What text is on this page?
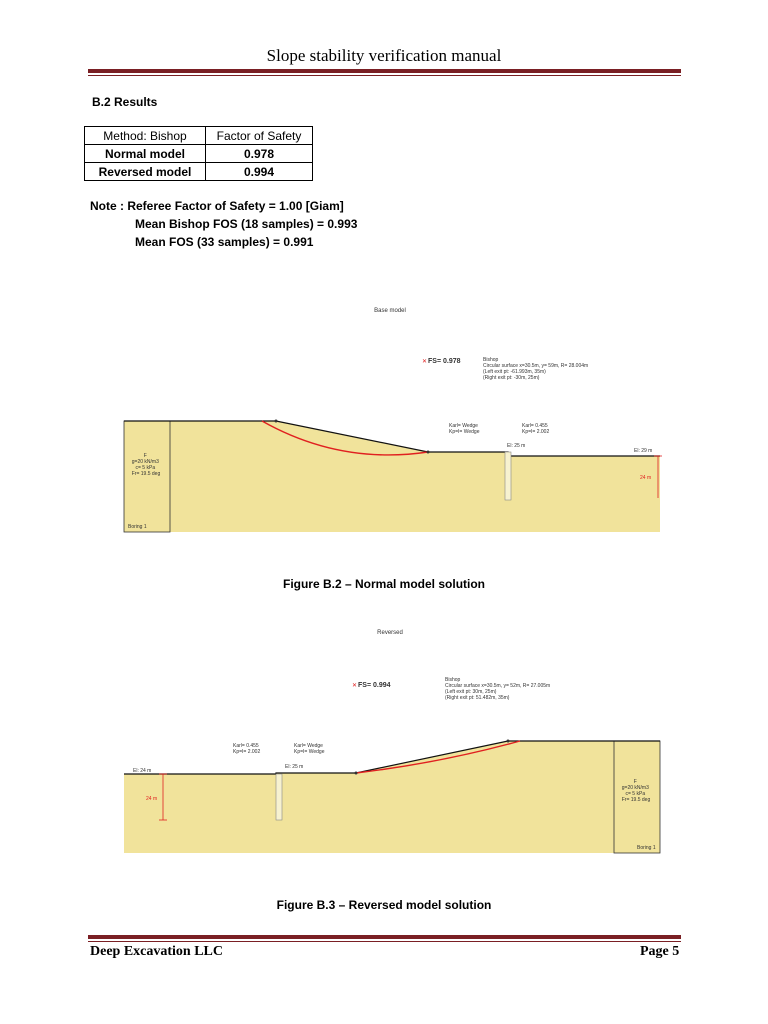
Slope stability verification manual
B.2 Results
Method: Bishop	Factor of Safety
Normal model	0.978
Reversed model	0.994
Note : Referee Factor of Safety = 1.00 [Giam]
Mean Bishop FOS (18 samples) = 0.993
Mean FOS (33 samples) = 0.991
Base model
✕ FS= 0.978	Bishop Circular surface x=30.5m, y= 59m, R= 28.004m (Left exit pt: -61.993m, 35m) (Right exit pt: -30m, 25m)
Karl= Wedge Kp=I= Wedge
Karl= 0.455 Kp=I= 2.002
El: 25 m
El: 29 m
24 m
F g=20 kN/m3 c= 5 kPa Fr= 19.5 deg
Boring 1
Figure B.2 – Normal model solution
Reversed
✕ FS= 0.994
Bishop Circular surface x=30.5m, y= 52m, R= 27.005m (Left exit pt: 30m, 25m) (Right exit pt: 51.482m, 35m)
Karl= 0.455 Kp=I= 2.002
Karl= Wedge Kp=I= Wedge
El: 24 m
El: 25 m
24 m
F g=20 kN/m3 c= 5 kPa Fr= 19.5 deg
Boring 1
Figure B.3 – Reversed model solution
Deep Excavation LLC	Page 5
